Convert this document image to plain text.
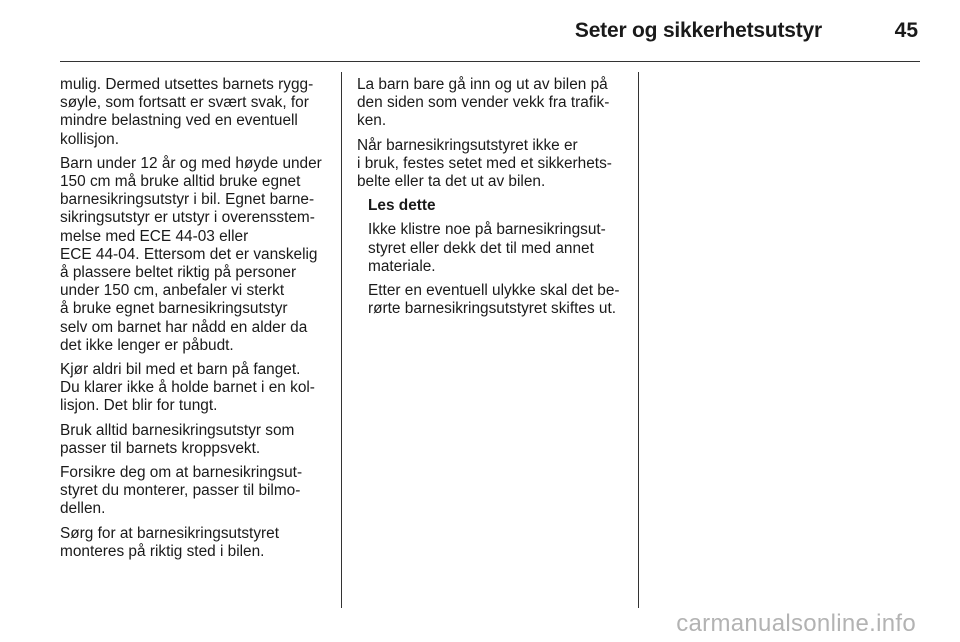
Seter og sikkerhetsutstyr	45

mulig. Dermed utsettes barnets rygg-
søyle, som fortsatt er svært svak, for
mindre belastning ved en eventuell
kollisjon.

Barn under 12 år og med høyde under
150 cm må bruke alltid bruke egnet
barnesikringsutstyr i bil. Egnet barne-
sikringsutstyr er utstyr i overensstem-
melse med ECE 44-03 eller
ECE 44-04. Ettersom det er vanskelig
å plassere beltet riktig på personer
under 150 cm, anbefaler vi sterkt
å bruke egnet barnesikringsutstyr
selv om barnet har nådd en alder da
det ikke lenger er påbudt.

Kjør aldri bil med et barn på fanget.
Du klarer ikke å holde barnet i en kol-
lisjon. Det blir for tungt.

Bruk alltid barnesikringsutstyr som
passer til barnets kroppsvekt.

Forsikre deg om at barnesikringsut-
styret du monterer, passer til bilmo-
dellen.

Sørg for at barnesikringsutstyret
monteres på riktig sted i bilen.

La barn bare gå inn og ut av bilen på
den siden som vender vekk fra trafik-
ken.

Når barnesikringsutstyret ikke er
i bruk, festes setet med et sikkerhets-
belte eller ta det ut av bilen.

Les dette

Ikke klistre noe på barnesikringsut-
styret eller dekk det til med annet
materiale.

Etter en eventuell ulykke skal det be-
rørte barnesikringsutstyret skiftes ut.

carmanualsonline.info
